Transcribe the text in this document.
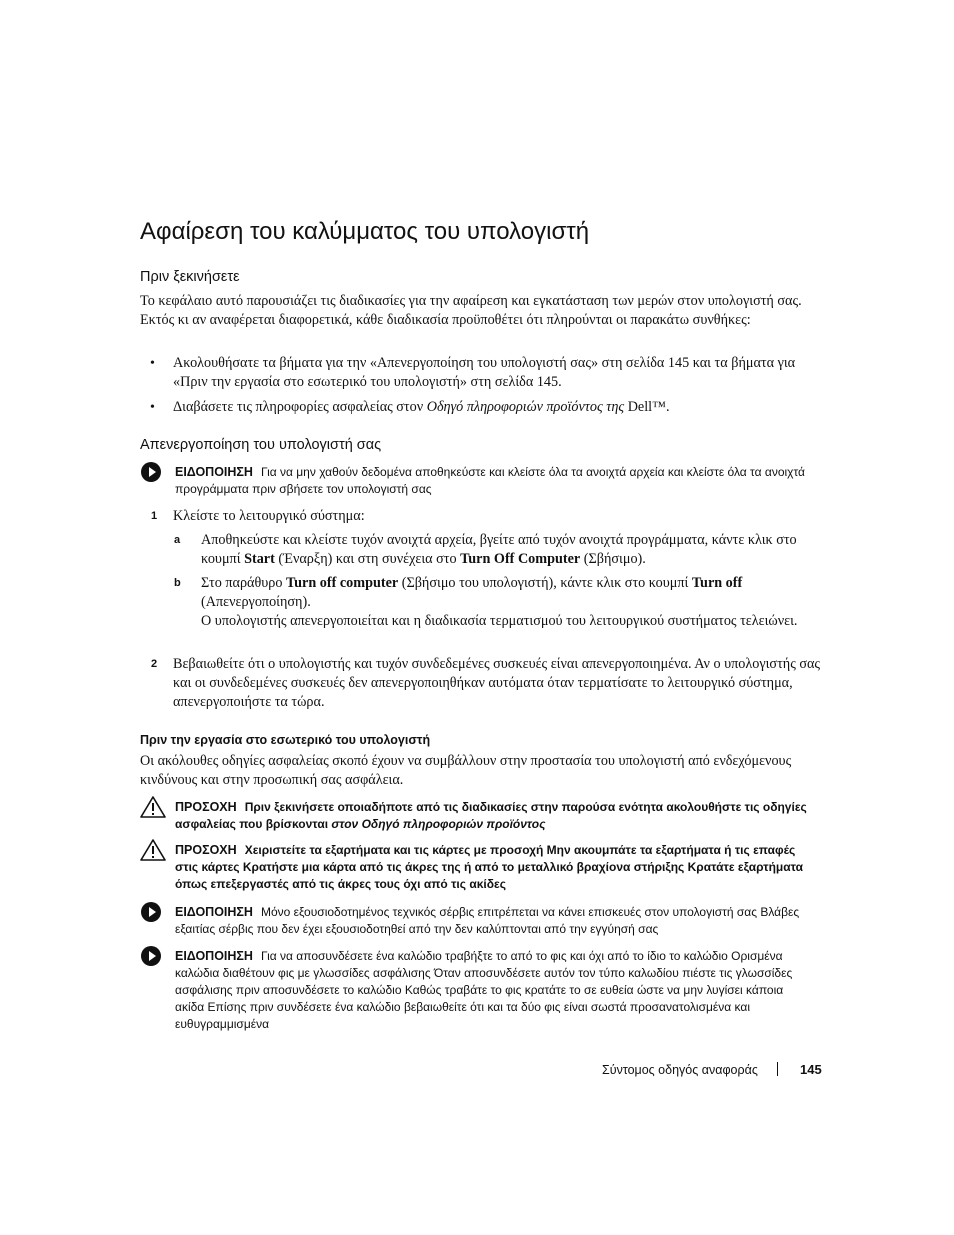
Αφαίρεση του καλύμματος του υπολογιστή
Πριν ξεκινήσετε
Το κεφάλαιο αυτό παρουσιάζει τις διαδικασίες για την αφαίρεση και εγκατάσταση των μερών στον υπολογιστή σας. Εκτός κι αν αναφέρεται διαφορετικά, κάθε διαδικασία προϋποθέτει ότι πληρούνται οι παρακάτω συνθήκες:
• Ακολουθήσατε τα βήματα για την «Απενεργοποίηση του υπολογιστή σας» στη σελίδα 145 και τα βήματα για «Πριν την εργασία στο εσωτερικό του υπολογιστή» στη σελίδα 145.
• Διαβάσετε τις πληροφορίες ασφαλείας στον Οδηγό πληροφοριών προϊόντος της Dell™.
Απενεργοποίηση του υπολογιστή σας
ΕΙΔΟΠΟΙΗΣΗ Για να μην χαθούν δεδομένα αποθηκεύστε και κλείστε όλα τα ανοιχτά αρχεία και κλείστε όλα τα ανοιχτά προγράμματα πριν σβήσετε τον υπολογιστή σας
1 Κλείστε το λειτουργικό σύστημα:
a Αποθηκεύστε και κλείστε τυχόν ανοιχτά αρχεία, βγείτε από τυχόν ανοιχτά προγράμματα, κάντε κλικ στο κουμπί Start (Έναρξη) και στη συνέχεια στο Turn Off Computer (Σβήσιμο).
b Στο παράθυρο Turn off computer (Σβήσιμο του υπολογιστή), κάντε κλικ στο κουμπί Turn off (Απενεργοποίηση).
Ο υπολογιστής απενεργοποιείται και η διαδικασία τερματισμού του λειτουργικού συστήματος τελειώνει.
2 Βεβαιωθείτε ότι ο υπολογιστής και τυχόν συνδεδεμένες συσκευές είναι απενεργοποιημένα. Αν ο υπολογιστής σας και οι συνδεδεμένες συσκευές δεν απενεργοποιηθήκαν αυτόματα όταν τερματίσατε το λειτουργικό σύστημα, απενεργοποιήστε τα τώρα.
Πριν την εργασία στο εσωτερικό του υπολογιστή
Οι ακόλουθες οδηγίες ασφαλείας σκοπό έχουν να συμβάλλουν στην προστασία του υπολογιστή από ενδεχόμενους κινδύνους και στην προσωπική σας ασφάλεια.
ΠΡΟΣΟΧΗ Πριν ξεκινήσετε οποιαδήποτε από τις διαδικασίες στην παρούσα ενότητα ακολουθήστε τις οδηγίες ασφαλείας που βρίσκονται στον Οδηγό πληροφοριών προϊόντος
ΠΡΟΣΟΧΗ Χειριστείτε τα εξαρτήματα και τις κάρτες με προσοχή Μην ακουμπάτε τα εξαρτήματα ή τις επαφές στις κάρτες Κρατήστε μια κάρτα από τις άκρες της ή από το μεταλλικό βραχίονα στήριξης Κρατάτε εξαρτήματα όπως επεξεργαστές από τις άκρες τους όχι από τις ακίδες
ΕΙΔΟΠΟΙΗΣΗ Μόνο εξουσιοδοτημένος τεχνικός σέρβις επιτρέπεται να κάνει επισκευές στον υπολογιστή σας Βλάβες εξαιτίας σέρβις που δεν έχει εξουσιοδοτηθεί από την δεν καλύπτονται από την εγγύησή σας
ΕΙΔΟΠΟΙΗΣΗ Για να αποσυνδέσετε ένα καλώδιο τραβήξτε το από το φις και όχι από το ίδιο το καλώδιο Ορισμένα καλώδια διαθέτουν φις με γλωσσίδες ασφάλισης Όταν αποσυνδέσετε αυτόν τον τύπο καλωδίου πιέστε τις γλωσσίδες ασφάλισης πριν αποσυνδέσετε το καλώδιο Καθώς τραβάτε το φις κρατάτε το σε ευθεία ώστε να μην λυγίσει κάποια ακίδα Επίσης πριν συνδέσετε ένα καλώδιο βεβαιωθείτε ότι και τα δύο φις είναι σωστά προσανατολισμένα και ευθυγραμμισμένα
Σύντομος οδηγός αναφοράς	145
